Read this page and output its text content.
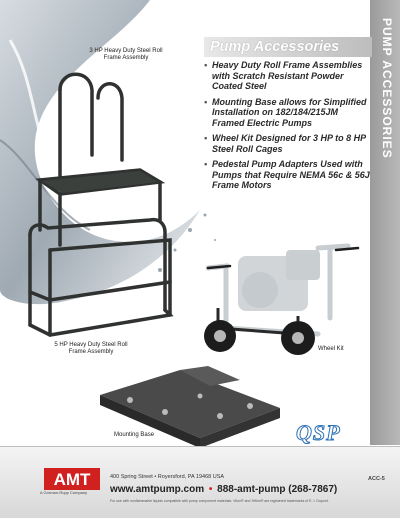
PUMP ACCESSORIES
Pump Accessories
• Heavy Duty Roll Frame Assemblies with Scratch Resistant Powder Coated Steel
• Mounting Base allows for Simplified Installation on 182/184/215JM Framed Electric Pumps
• Wheel Kit Designed for 3 HP to 8 HP Steel Roll Cages
• Pedestal Pump Adapters Used with Pumps that Require NEMA 56c & 56J Frame Motors
3 HP Heavy Duty Steel Roll Frame Assembly
5 HP Heavy Duty Steel Roll Frame Assembly	Wheel Kit
Mounting Base	QSP
AMT
A Gorman-Rupp Company
400 Spring Street • Royersford, PA 19468 USA
www.amtpump.com • 888-amt-pump (268-7867)
For use with nonflammable liquids compatible with pump component materials. Viton® and Teflon® are registered trademarks of E. I. Dupont.
ACC-5
